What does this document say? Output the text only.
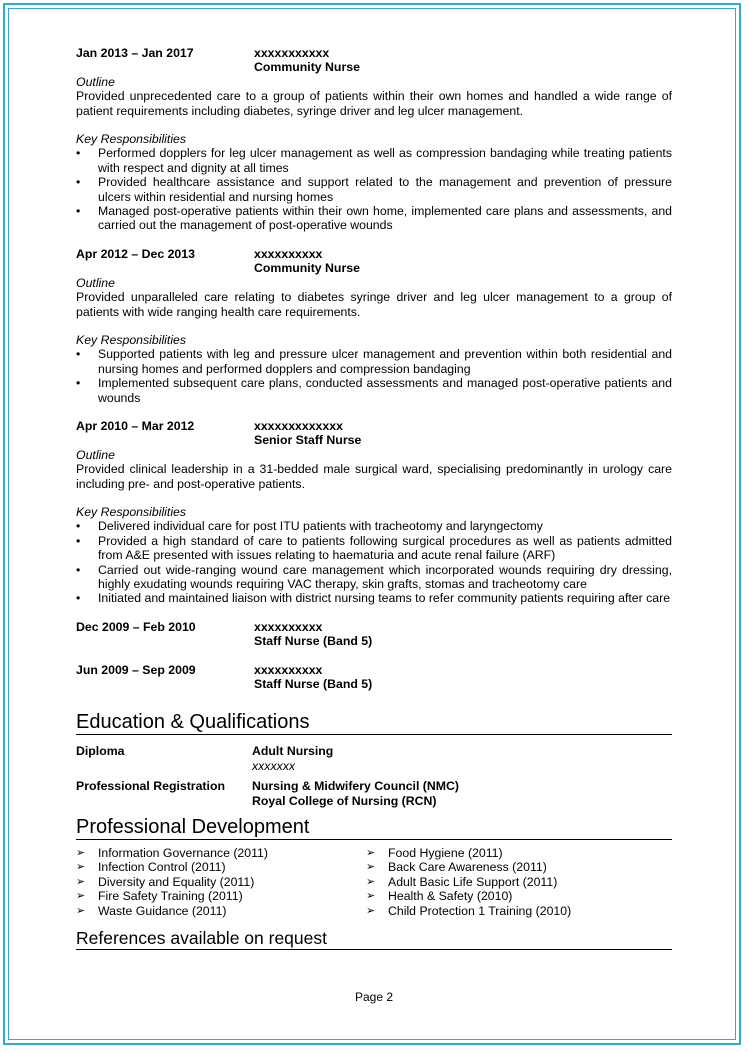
Jan 2013 – Jan 2017	xxxxxxxxxxx
Community Nurse
Outline
Provided unprecedented care to a group of patients within their own homes and handled a wide range of patient requirements including diabetes, syringe driver and leg ulcer management.
Key Responsibilities
•	Performed dopplers for leg ulcer management as well as compression bandaging while treating patients with respect and dignity at all times
•	Provided healthcare assistance and support related to the management and prevention of pressure ulcers within residential and nursing homes
•	Managed post-operative patients within their own home, implemented care plans and assessments, and carried out the management of post-operative wounds
Apr 2012 – Dec 2013	xxxxxxxxxx
Community Nurse
Outline
Provided unparalleled care relating to diabetes syringe driver and leg ulcer management to a group of patients with wide ranging health care requirements.
Key Responsibilities
•	Supported patients with leg and pressure ulcer management and prevention within both residential and nursing homes and performed dopplers and compression bandaging
•	Implemented subsequent care plans, conducted assessments and managed post-operative patients and wounds
Apr 2010 – Mar 2012	xxxxxxxxxxxxx
Senior Staff Nurse
Outline
Provided clinical leadership in a 31-bedded male surgical ward, specialising predominantly in urology care including pre- and post-operative patients.
Key Responsibilities
•	Delivered individual care for post ITU patients with tracheotomy and laryngectomy
•	Provided a high standard of care to patients following surgical procedures as well as patients admitted from A&E presented with issues relating to haematuria and acute renal failure (ARF)
•	Carried out wide-ranging wound care management which incorporated wounds requiring dry dressing, highly exudating wounds requiring VAC therapy, skin grafts, stomas and tracheotomy care
•	Initiated and maintained liaison with district nursing teams to refer community patients requiring after care
Dec 2009 – Feb 2010	xxxxxxxxxx
Staff Nurse (Band 5)
Jun 2009 – Sep 2009	xxxxxxxxxx
Staff Nurse (Band 5)
Education & Qualifications
Diploma	Adult Nursing
xxxxxxx
Professional Registration	Nursing & Midwifery Council (NMC)
Royal College of Nursing (RCN)
Professional Development
➢	Information Governance (2011)
➢	Infection Control (2011)
➢	Diversity and Equality (2011)
➢	Fire Safety Training (2011)
➢	Waste Guidance (2011)
➢	Food Hygiene (2011)
➢	Back Care Awareness (2011)
➢	Adult Basic Life Support (2011)
➢	Health & Safety (2010)
➢	Child Protection 1 Training (2010)
References available on request
Page 2
